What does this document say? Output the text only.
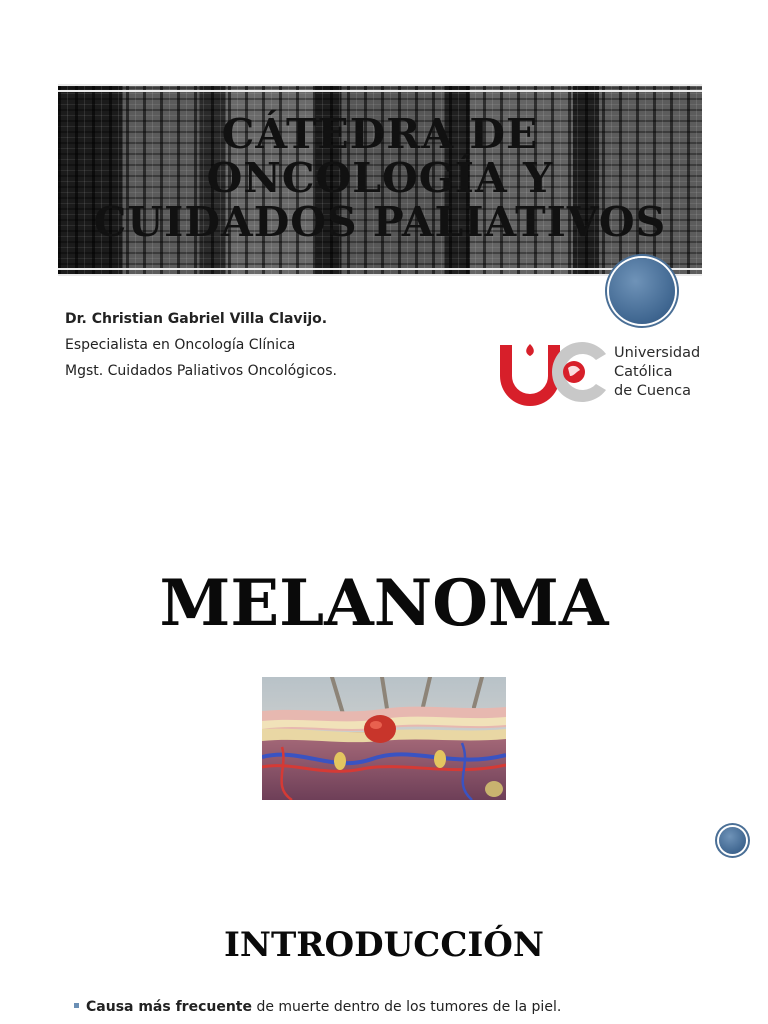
CÁTEDRA DE
ONCOLOGÍA Y
CUIDADOS PALIATIVOS
Dr. Christian Gabriel Villa Clavijo.
Especialista en Oncología Clínica
Mgst. Cuidados Paliativos Oncológicos.
Universidad
Católica
de Cuenca
MELANOMA
INTRODUCCIÓN
Causa más frecuente de muerte dentro de los tumores de la piel.
